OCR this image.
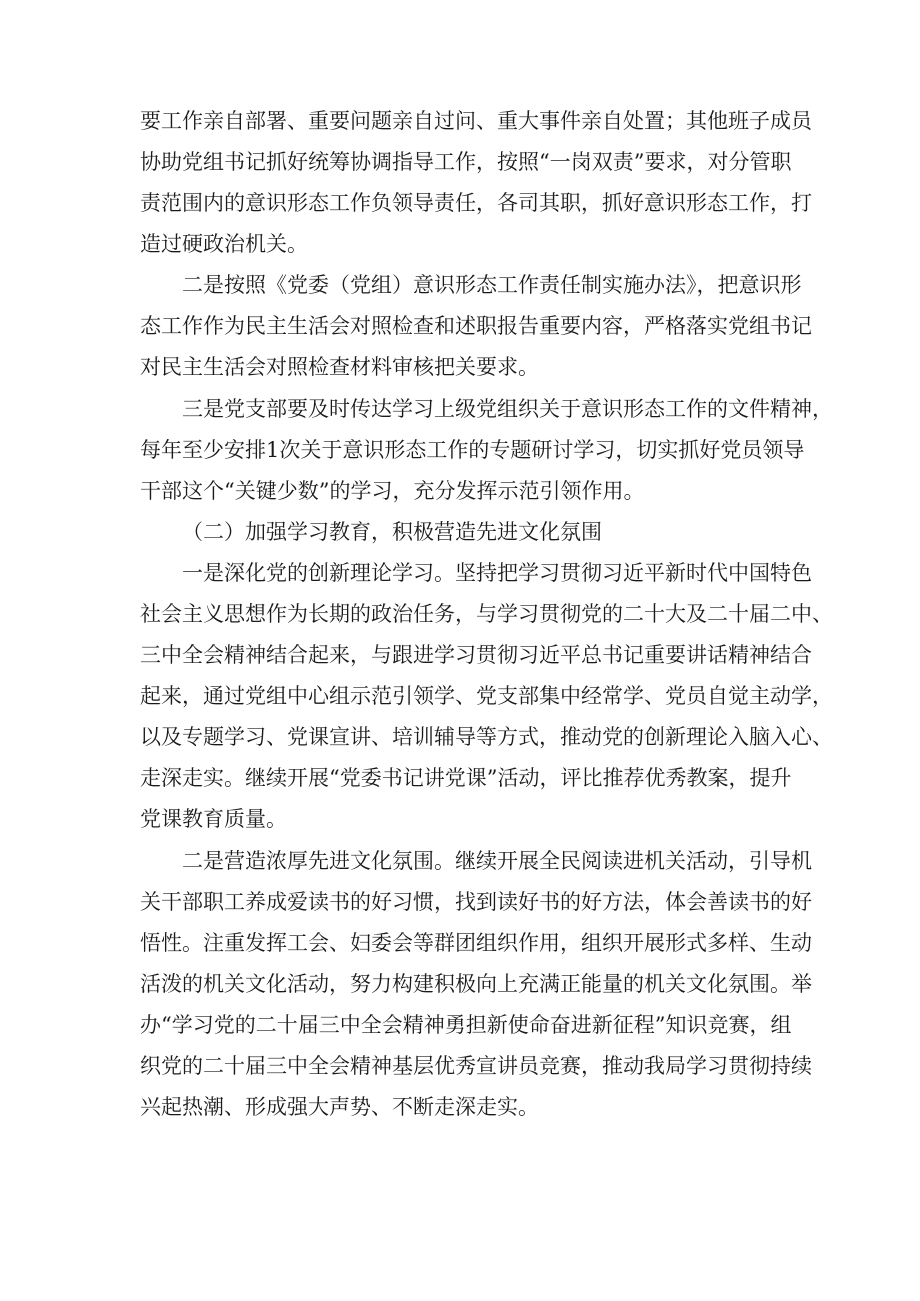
要工作亲自部署、重要问题亲自过问、重大事件亲自处置；其他班子成员
协助党组书记抓好统筹协调指导工作，按照“一岗双责”要求，对分管职
责范围内的意识形态工作负领导责任，各司其职，抓好意识形态工作，打
造过硬政治机关。
二是按照《党委（党组）意识形态工作责任制实施办法》，把意识形
态工作作为民主生活会对照检查和述职报告重要内容，严格落实党组书记
对民主生活会对照检查材料审核把关要求。
三是党支部要及时传达学习上级党组织关于意识形态工作的文件精神，
每年至少安排1次关于意识形态工作的专题研讨学习，切实抓好党员领导
干部这个“关键少数”的学习，充分发挥示范引领作用。
（二）加强学习教育，积极营造先进文化氛围
一是深化党的创新理论学习。坚持把学习贯彻习近平新时代中国特色
社会主义思想作为长期的政治任务，与学习贯彻党的二十大及二十届二中、
三中全会精神结合起来，与跟进学习贯彻习近平总书记重要讲话精神结合
起来，通过党组中心组示范引领学、党支部集中经常学、党员自觉主动学，
以及专题学习、党课宣讲、培训辅导等方式，推动党的创新理论入脑入心、
走深走实。继续开展“党委书记讲党课”活动，评比推荐优秀教案，提升
党课教育质量。
二是营造浓厚先进文化氛围。继续开展全民阅读进机关活动，引导机
关干部职工养成爱读书的好习惯，找到读好书的好方法，体会善读书的好
悟性。注重发挥工会、妇委会等群团组织作用，组织开展形式多样、生动
活泼的机关文化活动，努力构建积极向上充满正能量的机关文化氛围。举
办“学习党的二十届三中全会精神勇担新使命奋进新征程”知识竞赛，组
织党的二十届三中全会精神基层优秀宣讲员竞赛，推动我局学习贯彻持续
兴起热潮、形成强大声势、不断走深走实。
